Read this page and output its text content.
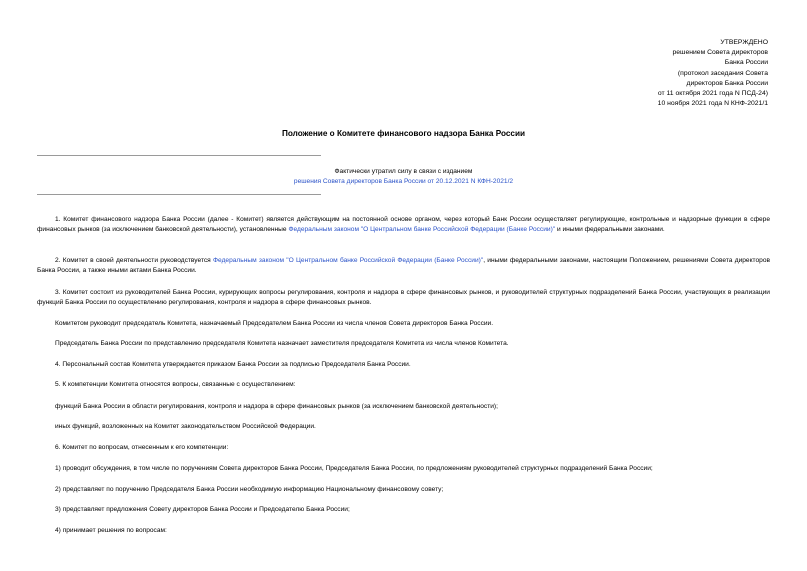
УТВЕРЖДЕНО
решением Совета директоров
Банка России
(протокол заседания Совета
директоров Банка России
от 11 октября 2021 года N ПСД-24)
10 ноября 2021 года N КНФ-2021/1
Положение о Комитете финансового надзора Банка России
Фактически утратил силу в связи с изданием
решения Совета директоров Банка России от 20.12.2021 N КФН-2021/2
1. Комитет финансового надзора Банка России (далее - Комитет) является действующим на постоянной основе органом, через который Банк России осуществляет регулирующие, контрольные и надзорные функции в сфере финансовых рынков (за исключением банковской деятельности), установленные Федеральным законом "О Центральном банке Российской Федерации (Банке России)" и иными федеральными законами.
2. Комитет в своей деятельности руководствуется Федеральным законом "О Центральном банке Российской Федерации (Банке России)", иными федеральными законами, настоящим Положением, решениями Совета директоров Банка России, а также иными актами Банка России.
3. Комитет состоит из руководителей Банка России, курирующих вопросы регулирования, контроля и надзора в сфере финансовых рынков, и руководителей структурных подразделений Банка России, участвующих в реализации функций Банка России по осуществлению регулирования, контроля и надзора в сфере финансовых рынков.
Комитетом руководит председатель Комитета, назначаемый Председателем Банка России из числа членов Совета директоров Банка России.
Председатель Банка России по представлению председателя Комитета назначает заместителя председателя Комитета из числа членов Комитета.
4. Персональный состав Комитета утверждается приказом Банка России за подписью Председателя Банка России.
5. К компетенции Комитета относятся вопросы, связанные с осуществлением:
функций Банка России в области регулирования, контроля и надзора в сфере финансовых рынков (за исключением банковской деятельности);
иных функций, возложенных на Комитет законодательством Российской Федерации.
6. Комитет по вопросам, отнесенным к его компетенции:
1) проводит обсуждения, в том числе по поручениям Совета директоров Банка России, Председателя Банка России, по предложениям руководителей структурных подразделений Банка России;
2) представляет по поручению Председателя Банка России необходимую информацию Национальному финансовому совету;
3) представляет предложения Совету директоров Банка России и Председателю Банка России;
4) принимает решения по вопросам:
